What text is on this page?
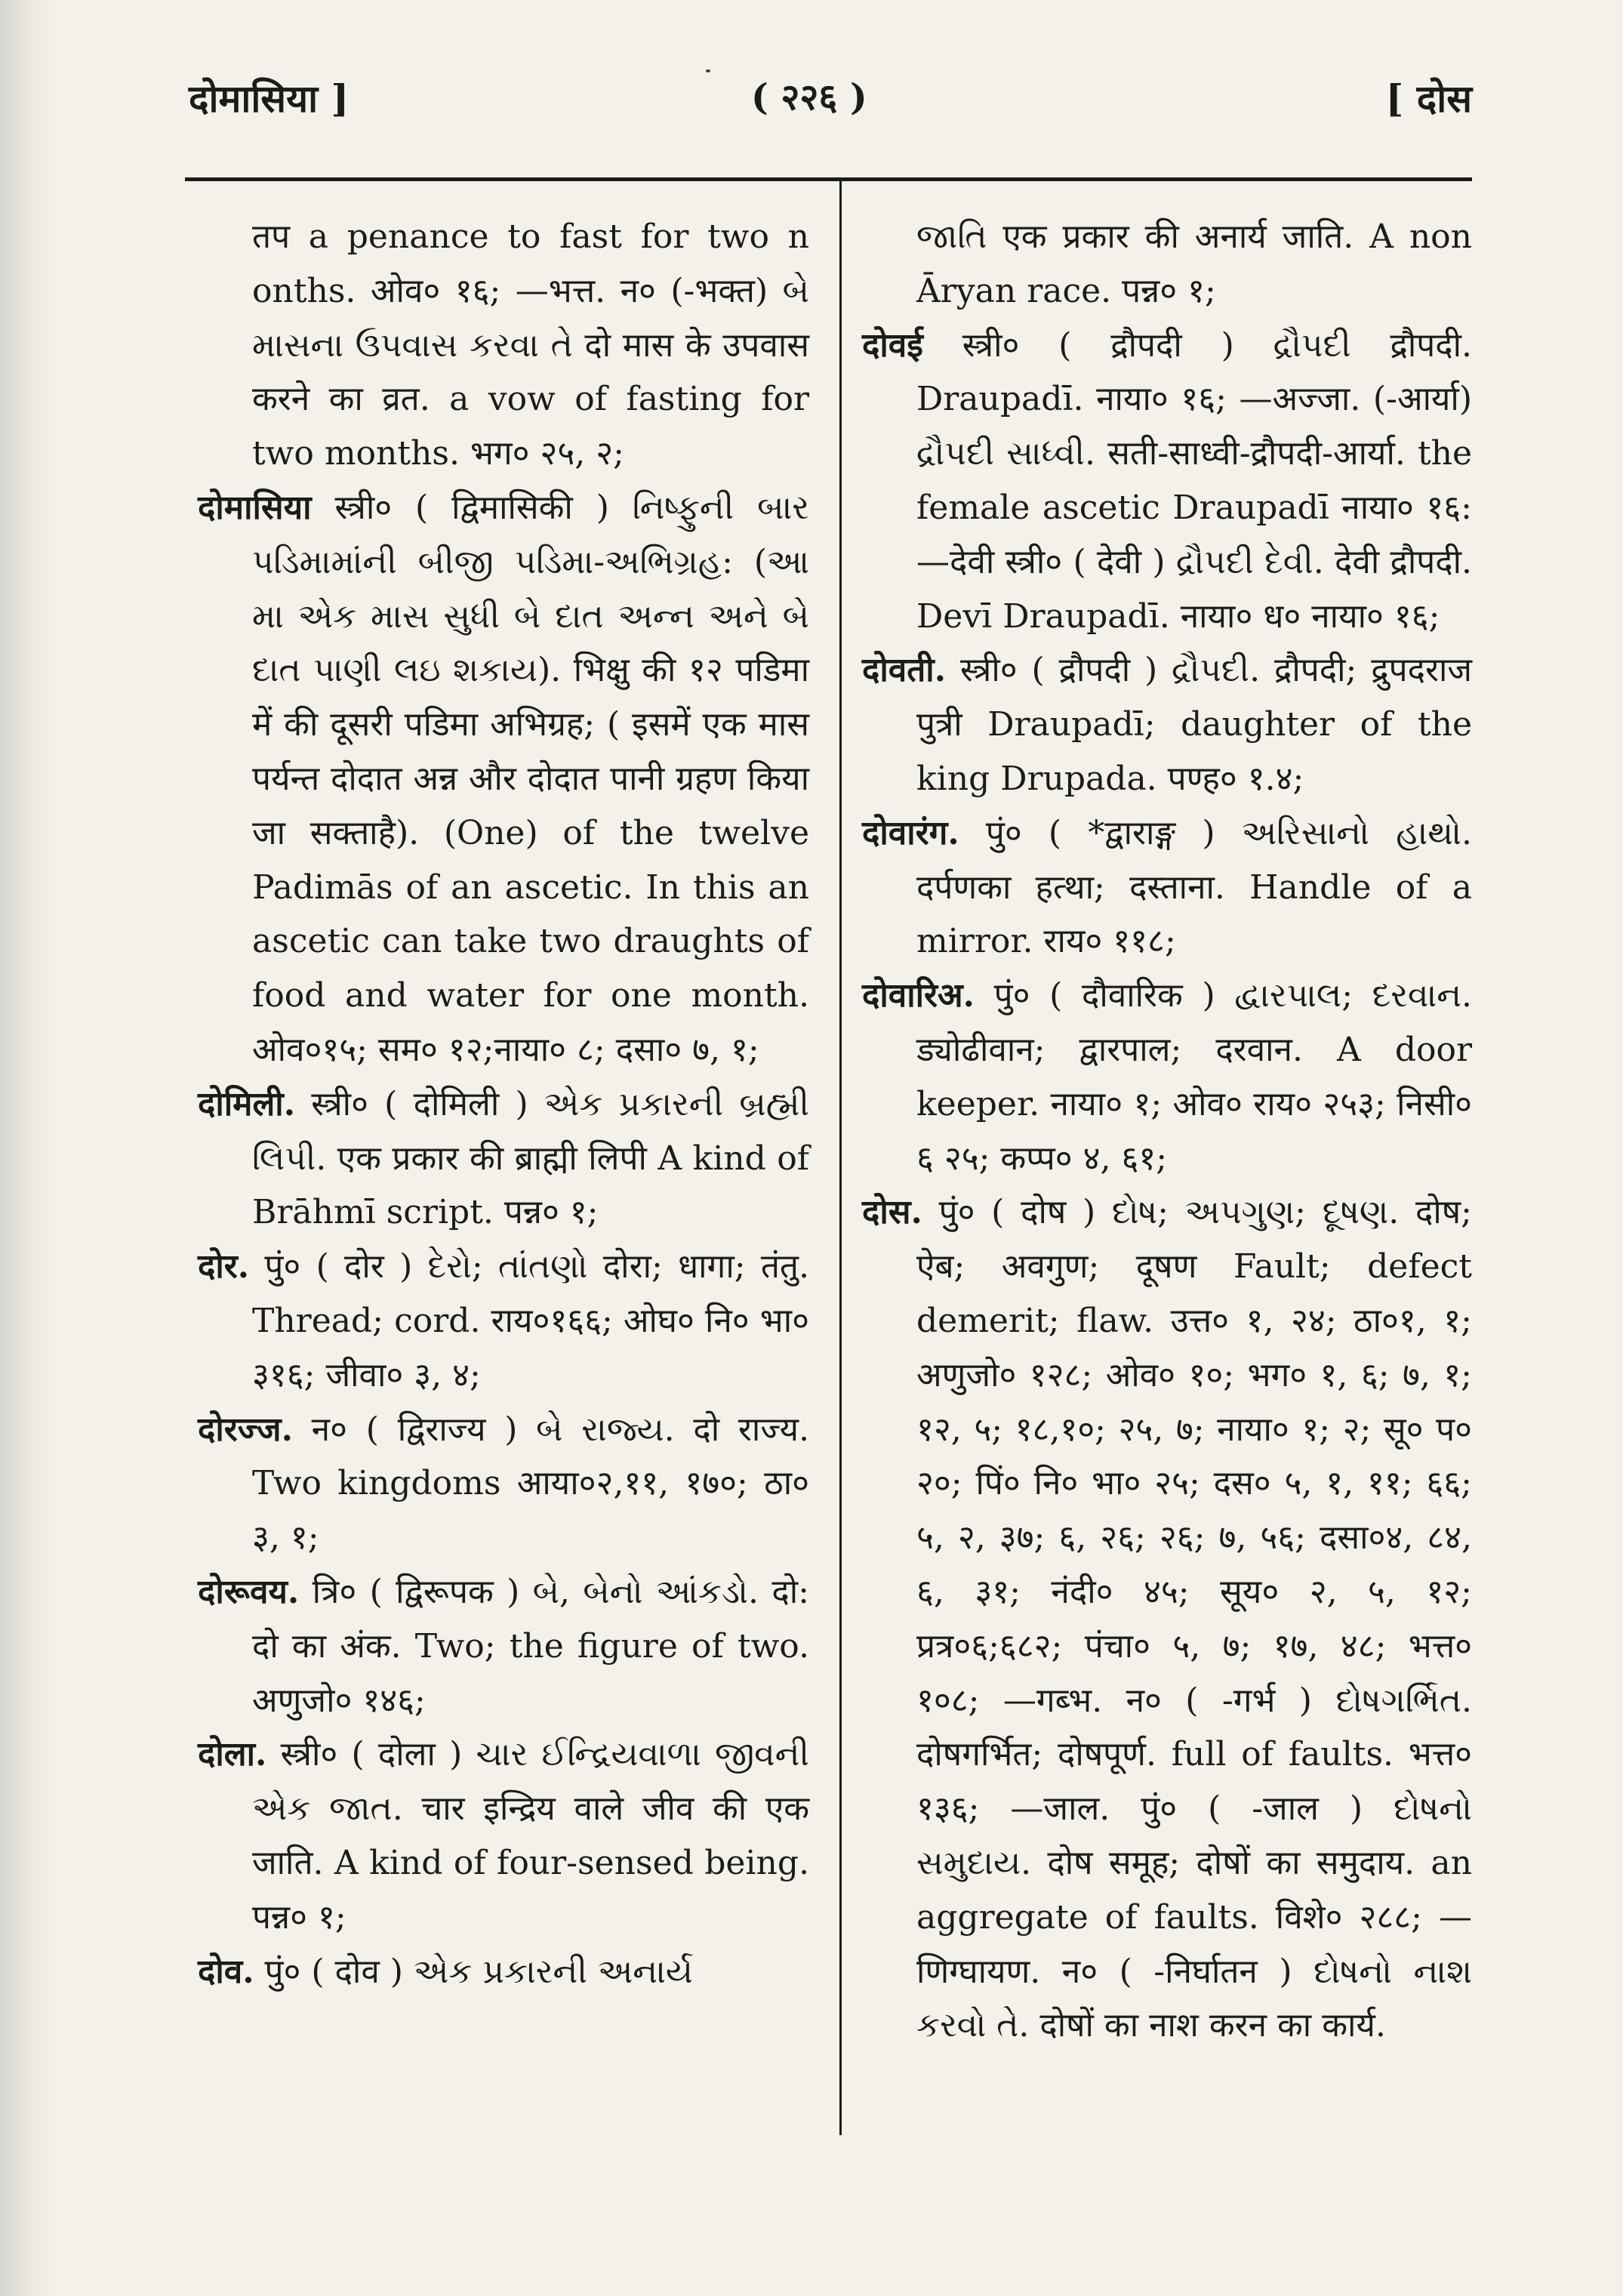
दोमासिया ]	( २२६ )	[ दोस

तप a penance to fast for two n onths. ओव० १६; —भत्त. न० (-भक्त) બે માસના ઉપવાસ કરવા તે दो मास के उपवास करने का व्रत. a vow of fasting for two months. भग० २५, २;

दोमासिया स्त्री० ( द्विमासिकी ) નિષ્ફુની બાર પડિમામાંની બીજી પડિમા-અભિગ્રહ: (આ મા એક માસ સુધી બે દાત અન્ન અને બે દાત પાણી લઇ શકાય). भिक्षु की १२ पडिमा में की दूसरी पडिमा अभिग्रह; ( इसमें एक मास पर्यन्त दोदात अन्न और दोदात पानी ग्रहण किया जा सक्ताहै). (One) of the twelve Padimās of an ascetic. In this an ascetic can take two draughts of food and water for one month. ओव०१५; सम० १२;नाया० ८; दसा० ७, १;

दोमिली. स्त्री० ( दोमिली ) એક પ્રકારની બ્રહ્મી લિપી. एक प्रकार की ब्राह्मी लिपी A kind of Brāhmī script. पन्न० १;

दोर. पुं० ( दोर ) દેરો; તાંતણો दोरा; धागा; तंतु. Thread; cord. राय०१६६; ओघ० नि० भा० ३१६; जीवा० ३, ४;

दोरज्ज. न० ( द्विराज्य ) બે રાજ્ય. दो राज्य. Two kingdoms आया०२,११, १७०; ठा० ३, १;

दोरूवय. त्रि० ( द्विरूपक ) બે, બેનો આંકડો. दो: दो का अंक. Two; the figure of two. अणुजो० १४६;

दोला. स्त्री० ( दोला ) ચાર ઈન્દ્રિયવાળા જીવની એક જાત. चार इन्द्रिय वाले जीव की एक जाति. A kind of four-sensed being. पन्न० १;

दोव. पुं० ( दोव ) એક પ્રકારની અનાર્ય

જાતિ एक प्रकार की अनार्य जाति. A non Āryan race. पन्न० १;

दोवई स्त्री० ( द्रौपदी ) દ્રૌપદી द्रौपदी. Draupadī. नाया० १६; —अज्जा. (-आर्या) દ્રૌપદી સાધ્વી. सती-साध्वी-द्रौपदी-आर्या. the female ascetic Draupadī नाया० १६: —देवी स्त्री० ( देवी ) દ્રૌપદી દેવી. देवी द्रौपदी. Devī Draupadī. नाया० ध० नाया० १६;

दोवती. स्त्री० ( द्रौपदी ) દ્રૌપદી. द्रौपदी; द्रुपदराज पुत्री Draupadī; daughter of the king Drupada. पण्ह० १.४;

दोवारंग. पुं० ( *द्वाराङ्ग ) અરિસાનો હાથો. दर्पणका हत्था; दस्ताना. Handle of a mirror. राय० ११८;

दोवारिअ. पुं० ( दौवारिक ) દ્વારપાલ; દરવાન. ड्योढीवान; द्वारपाल; दरवान. A door keeper. नाया० १; ओव० राय० २५३; निसी० ६ २५; कप्प० ४, ६१;

दोस. पुं० ( दोष ) દોષ; અપગુણ; દૂષણ. दोष; ऐब; अवगुण; दूषण Fault; defect demerit; flaw. उत्त० १, २४; ठा०१, १; अणुजो० १२८; ओव० १०; भग० १, ६; ७, १; १२, ५; १८,१०; २५, ७; नाया० १; २; सू० प० २०; पिं० नि० भा० २५; दस० ५, १, ११; ६६; ५, २, ३७; ६, २६; २६; ७, ५६; दसा०४, ८४, ६, ३१; नंदी० ४५; सूय० २, ५, १२; प्रत्र०६;६८२; पंचा० ५, ७; १७, ४८; भत्त० १०८; —गब्भ. न० ( -गर्भ ) દોષગર્ભિત. दोषगर्भित; दोषपूर्ण. full of faults. भत्त० १३६; —जाल. पुं० ( -जाल ) દોષનો સમુદાય. दोष समूह; दोषों का समुदाय. an aggregate of faults. विशे० २८८; —णिग्घायण. न० ( -निर्घातन ) દોષનો નાશ કરવો તે. दोषों का नाश करन का कार्य.
